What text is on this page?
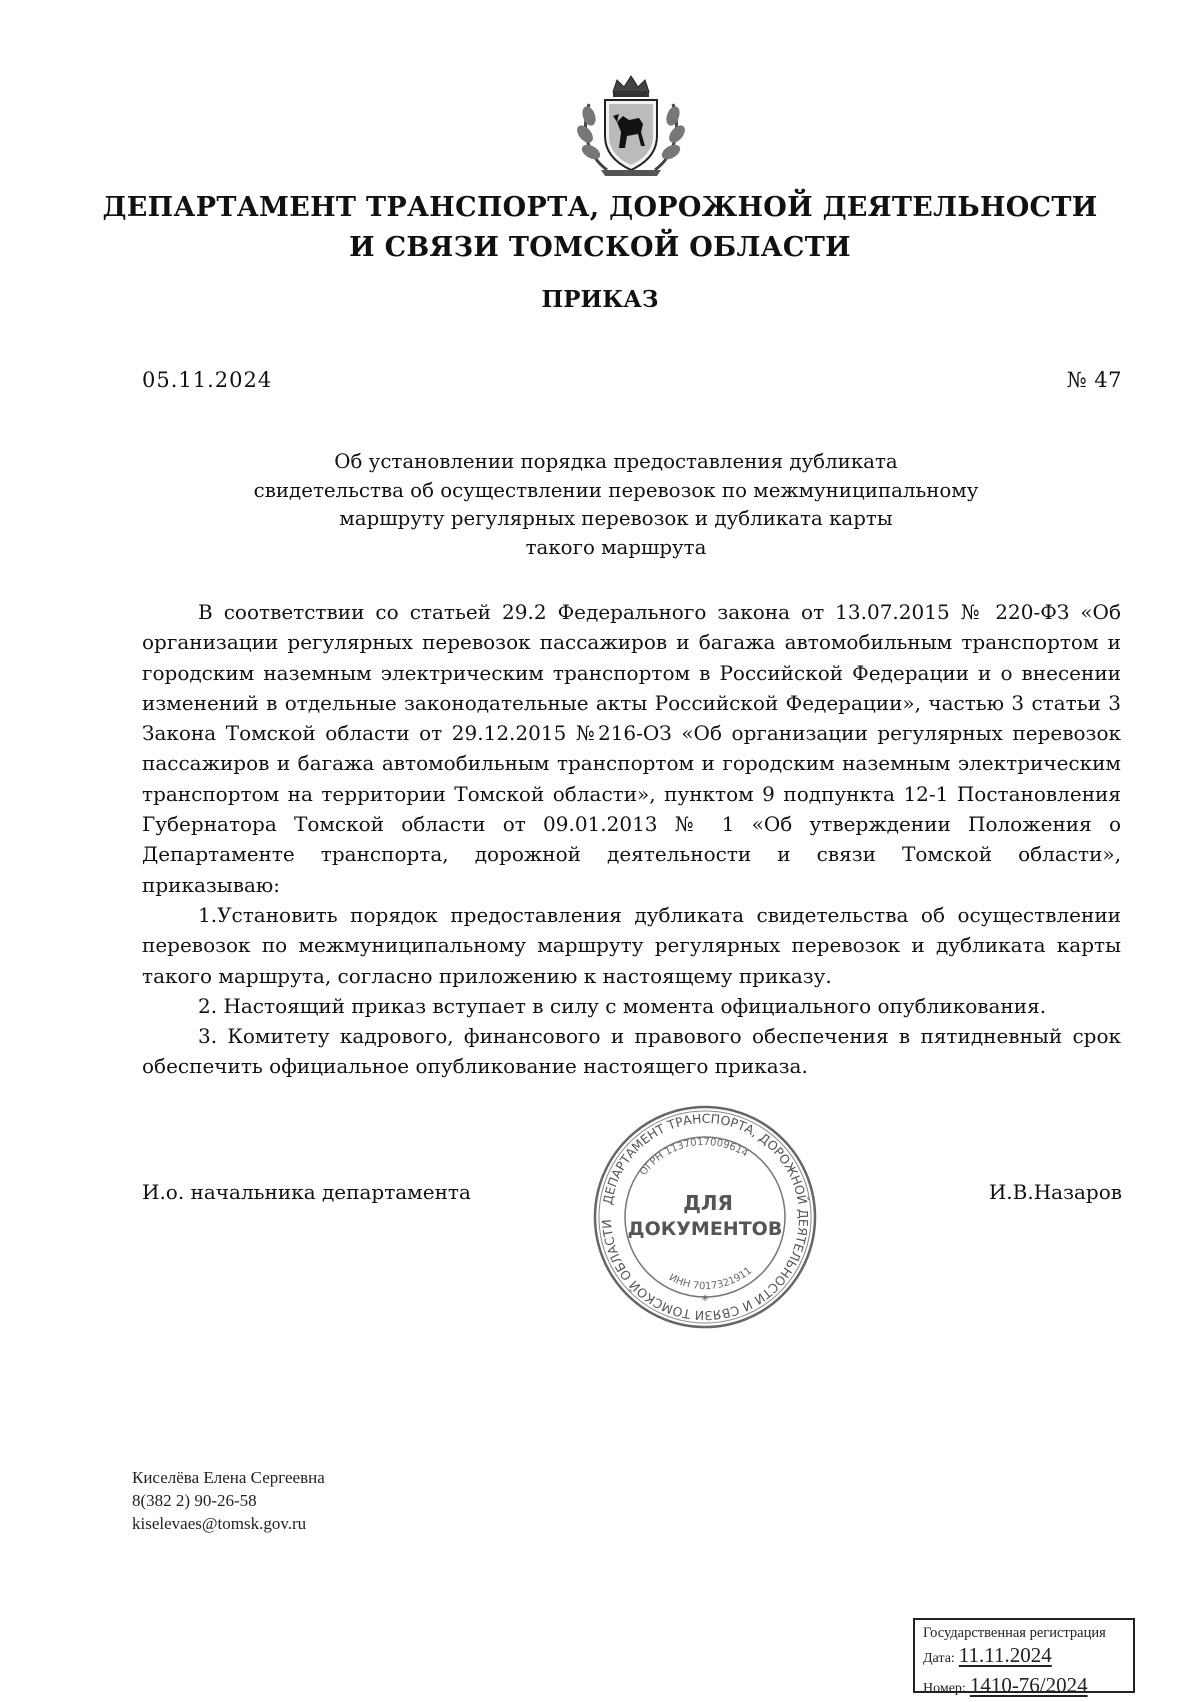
ДЕПАРТАМЕНТ ТРАНСПОРТА, ДОРОЖНОЙ ДЕЯТЕЛЬНОСТИ
И СВЯЗИ ТОМСКОЙ ОБЛАСТИ
ПРИКАЗ
05.11.2024	№ 47
Об установлении порядка предоставления дубликата
свидетельства об осуществлении перевозок по межмуниципальному
маршруту регулярных перевозок и дубликата карты
такого маршрута

В соответствии со статьей 29.2 Федерального закона от 13.07.2015 № 220-ФЗ «Об организации регулярных перевозок пассажиров и багажа автомобильным транспортом и городским наземным электрическим транспортом в Российской Федерации и о внесении изменений в отдельные законодательные акты Российской Федерации», частью 3 статьи 3 Закона Томской области от 29.12.2015 №216-ОЗ «Об организации регулярных перевозок пассажиров и багажа автомобильным транспортом и городским наземным электрическим транспортом на территории Томской области», пунктом 9 подпункта 12-1 Постановления Губернатора Томской области от 09.01.2013 № 1 «Об утверждении Положения о Департаменте транспорта, дорожной деятельности и связи Томской области», приказываю:

1.Установить порядок предоставления дубликата свидетельства об осуществлении перевозок по межмуниципальному маршруту регулярных перевозок и дубликата карты такого маршрута, согласно приложению к настоящему приказу.

2. Настоящий приказ вступает в силу с момента официального опубликования.

3. Комитету кадрового, финансового и правового обеспечения в пятидневный срок обеспечить официальное опубликование настоящего приказа.

И.о. начальника департамента	И.В.Назаров
ДЕПАРТАМЕНТ ТРАНСПОРТА, ДОРОЖНОЙ ДЕЯТЕЛЬНОСТИ И СВЯЗИ ТОМСКОЙ ОБЛАСТИ
ОГРН 1137017009614
ИНН 7017321911
ДЛЯ
ДОКУМЕНТОВ
*
Киселёва Елена Сергеевна
8(382 2) 90-26-58
kiselevaes@tomsk.gov.ru
Государственная регистрация
Дата: 11.11.2024
Номер: 1410-76/2024
